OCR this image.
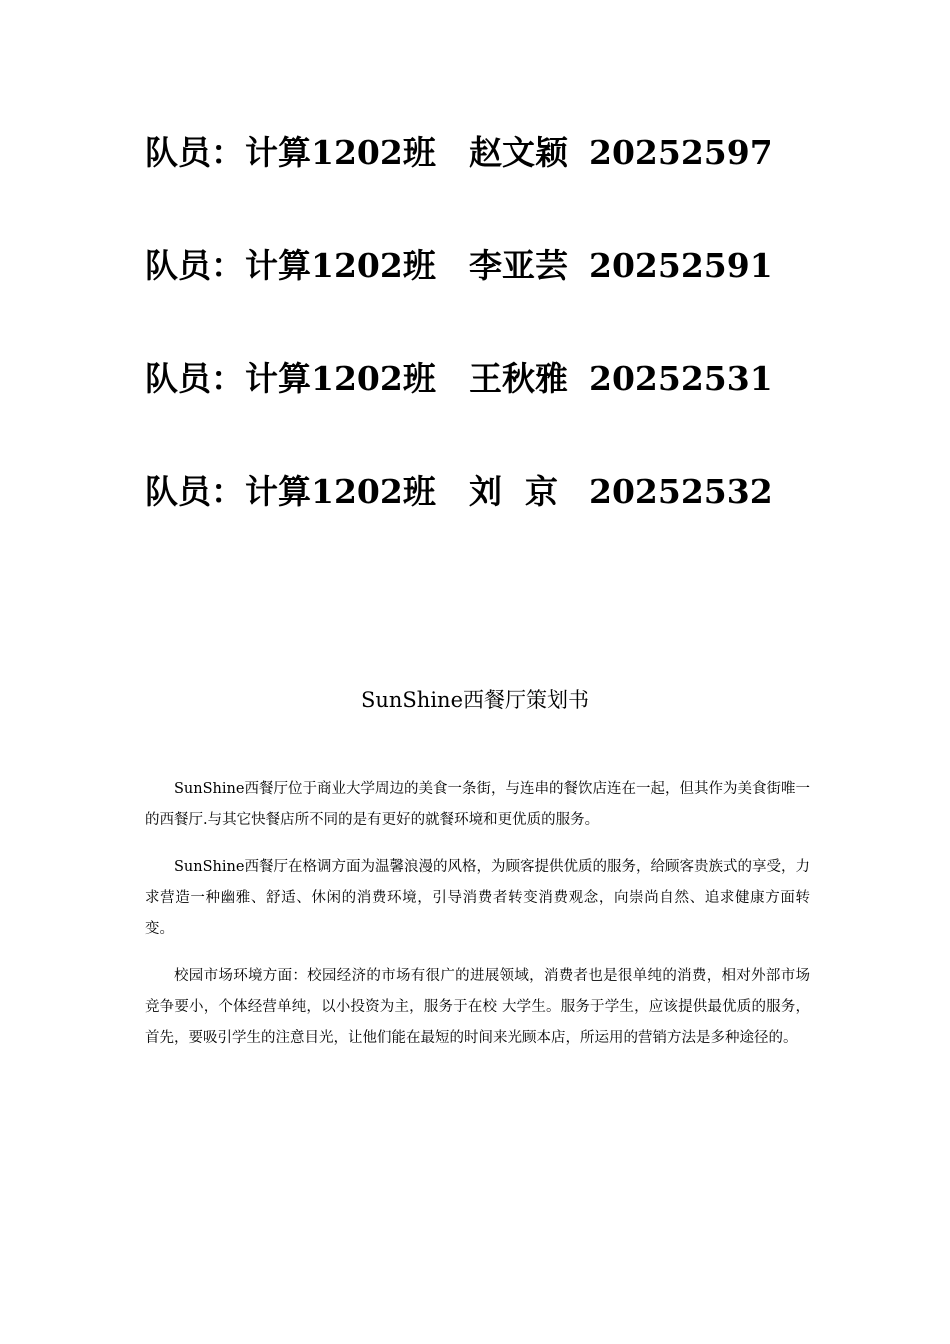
队员：计算1202班 赵文颖 20252597
队员：计算1202班 李亚芸 20252591
队员：计算1202班 王秋雅 20252531
队员：计算1202班 刘  京 20252532
SunShine西餐厅策划书

SunShine西餐厅位于商业大学周边的美食一条街，与连串的餐饮店连在一起，但其作为美食街唯一的西餐厅.与其它快餐店所不同的是有更好的就餐环境和更优质的服务。

SunShine西餐厅在格调方面为温馨浪漫的风格，为顾客提供优质的服务，给顾客贵族式的享受，力求营造一种幽雅、舒适、休闲的消费环境，引导消费者转变消费观念，向崇尚自然、追求健康方面转变。

校园市场环境方面：校园经济的市场有很广的进展领域，消费者也是很单纯的消费，相对外部市场竞争要小，个体经营单纯，以小投资为主，服务于在校 大学生。服务于学生，应该提供最优质的服务，首先，要吸引学生的注意目光，让他们能在最短的时间来光顾本店，所运用的营销方法是多种途径的。
